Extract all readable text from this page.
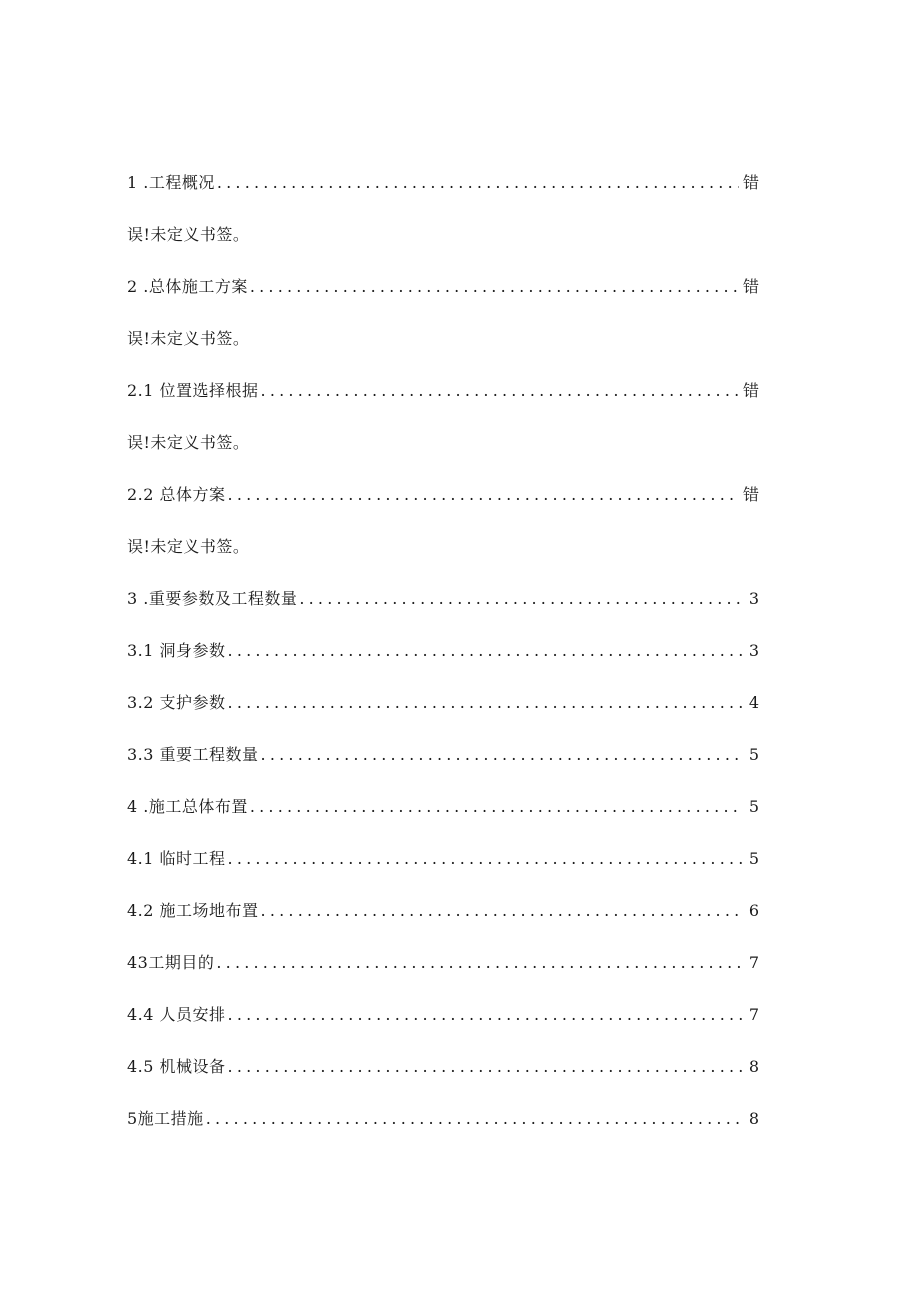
1 .工程概况 .....	错
误!未定义书签。
2 .总体施工方案 .....	错
误!未定义书签。
2.1 位置选择根据 .....	错
误!未定义书签。
2.2 总体方案 .....	错
误!未定义书签。
3 .重要参数及工程数量 .....	3
3.1 洞身参数 .....	3
3.2 支护参数 .....	4
3.3 重要工程数量 .....	5
4 .施工总体布置 .....	5
4.1 临时工程 .....	5
4.2 施工场地布置 .....	6
43工期目的 .....	7
4.4 人员安排 .....	7
4.5 机械设备 .....	8
5施工措施 .....	8
